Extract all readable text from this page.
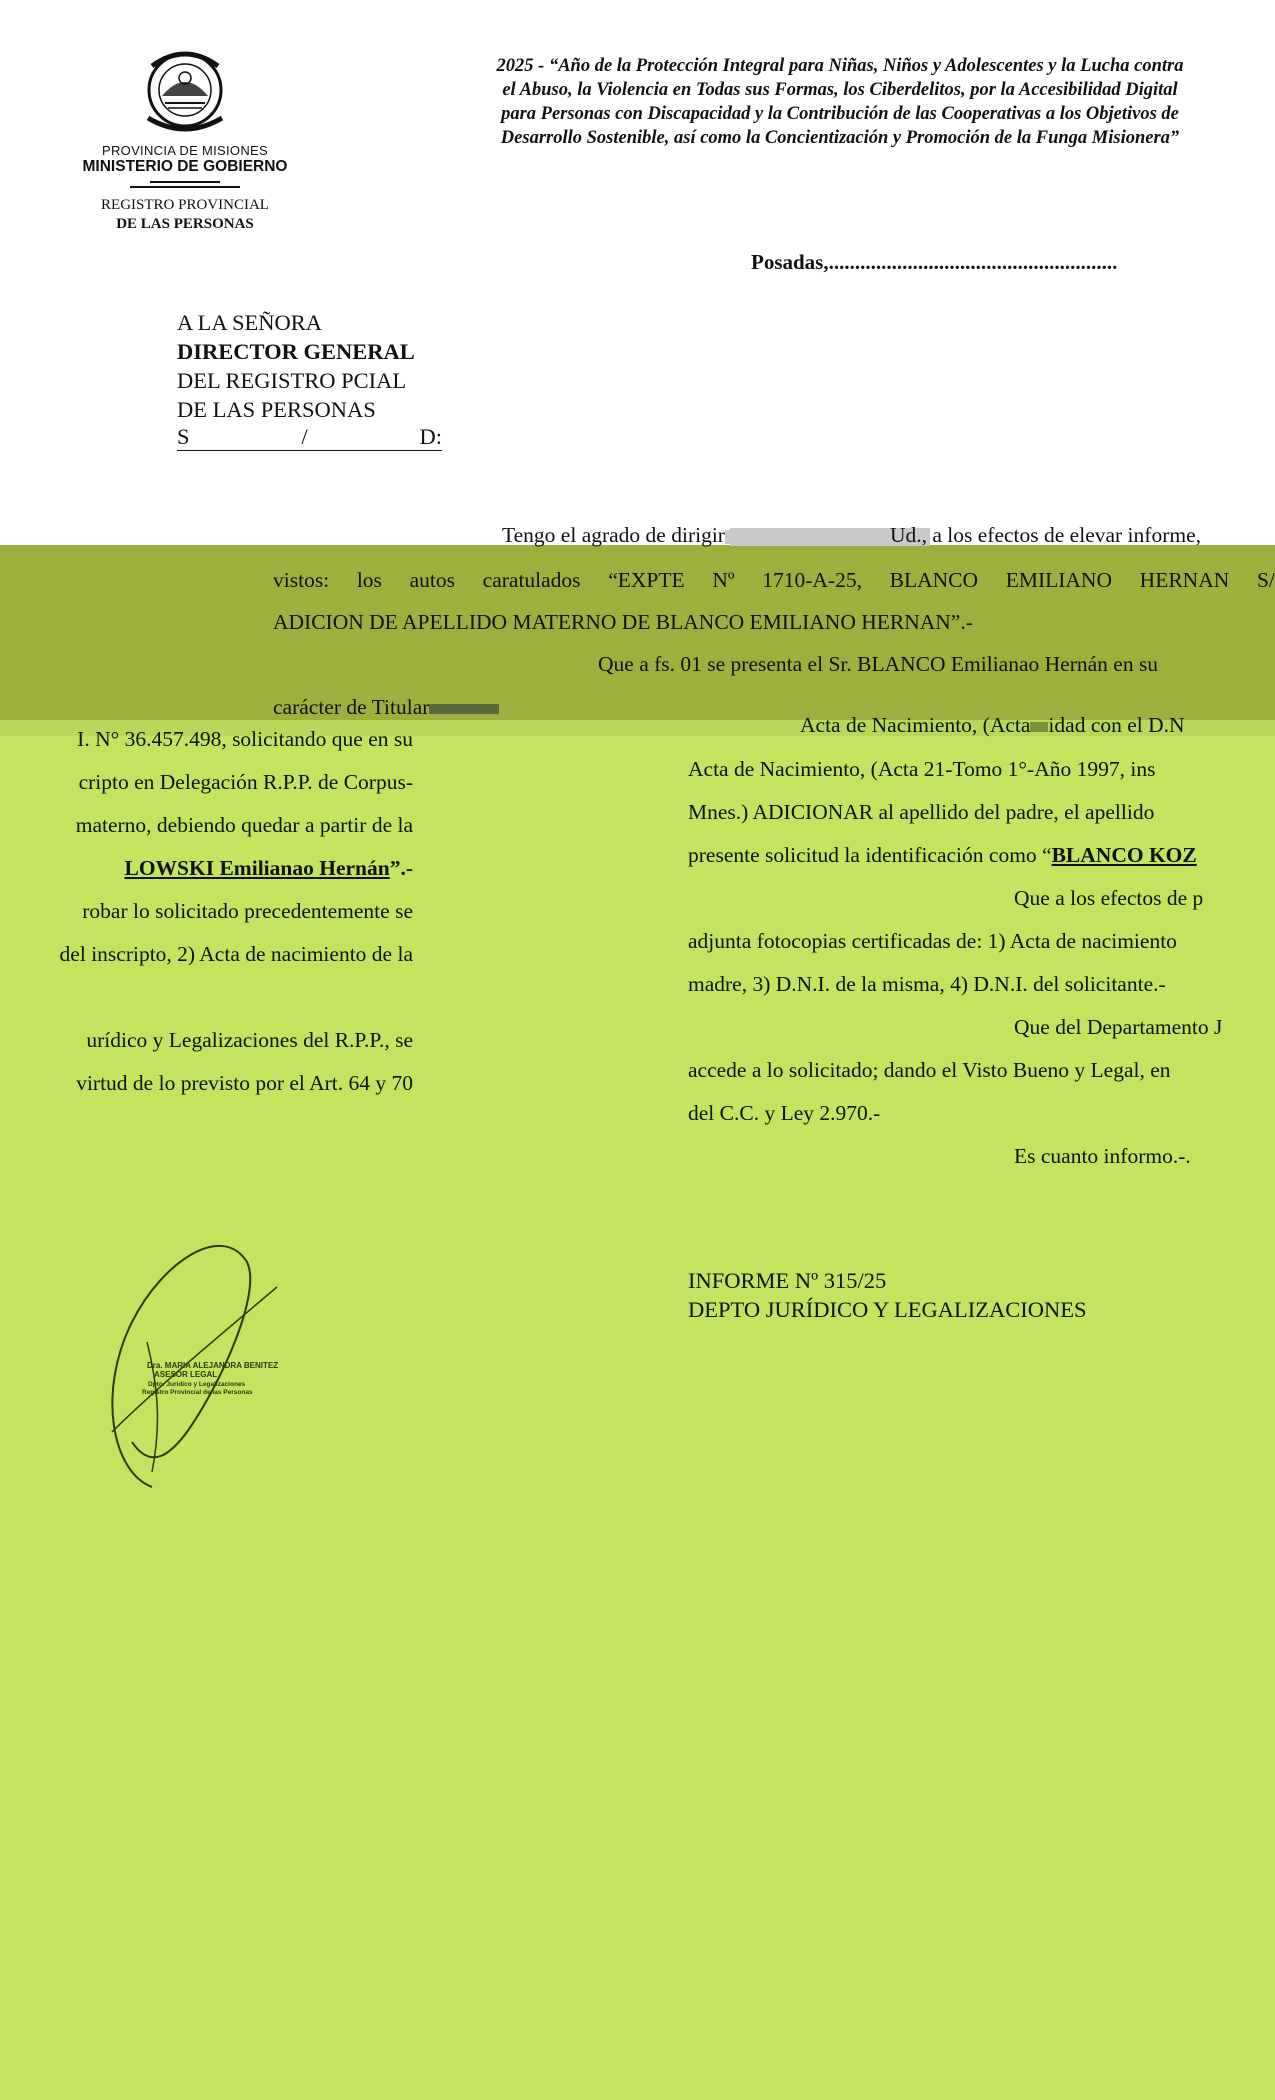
PROVINCIA DE MISIONES
MINISTERIO DE GOBIERNO
REGISTRO PROVINCIAL
DE LAS PERSONAS
2025 - “Año de la Protección Integral para Niñas, Niños y Adolescentes y la Lucha contra el Abuso, la Violencia en Todas sus Formas, los Ciberdelitos, por la Accesibilidad Digital para Personas con Discapacidad y la Contribución de las Cooperativas a los Objetivos de Desarrollo Sostenible, así como la Concientización y Promoción de la Funga Misionera”
Posadas,.......................................................
A LA SEÑORA
DIRECTOR GENERAL
DEL REGISTRO PCIAL
DE LAS PERSONAS
S	/	D:
Tengo el agrado de dirigir	Ud., a los efectos de elevar informe,
vistos: los autos caratulados “EXPTE Nº 1710-A-25, BLANCO EMILIANO HERNAN S/
ADICION DE APELLIDO MATERNO DE BLANCO EMILIANO HERNAN”.-
Que a fs. 01 se presenta el Sr. BLANCO Emilianao Hernán en su
carácter de Titular
Acta de Nacimiento, (Acta idad con el D.N
Acta de Nacimiento, (Acta 21-Tomo 1°-Año 1997, ins
Mnes.) ADICIONAR al apellido del padre, el apellido
presente solicitud la identificación como “BLANCO KOZ
Que a los efectos de p
adjunta fotocopias certificadas de: 1) Acta de nacimiento
madre, 3) D.N.I. de la misma, 4) D.N.I. del solicitante.-
Que del Departamento J
accede a lo solicitado; dando el Visto Bueno y Legal, en
del C.C. y Ley 2.970.-
Es cuanto informo.-.
I. N° 36.457.498, solicitando que en su
cripto en Delegación R.P.P. de Corpus-
materno, debiendo quedar a partir de la
LOWSKI Emilianao Hernán”.-
robar lo solicitado precedentemente se
del inscripto, 2) Acta de nacimiento de la
urídico y Legalizaciones del R.P.P., se
virtud de lo previsto por el Art. 64 y 70
INFORME Nº 315/25
DEPTO JURÍDICO Y LEGALIZACIONES
Dra. MARIA ALEJANDRA BENITEZ
ASESOR LEGAL
Dpto. Jurídico y Legalizaciones
Registro Provincial de las Personas
